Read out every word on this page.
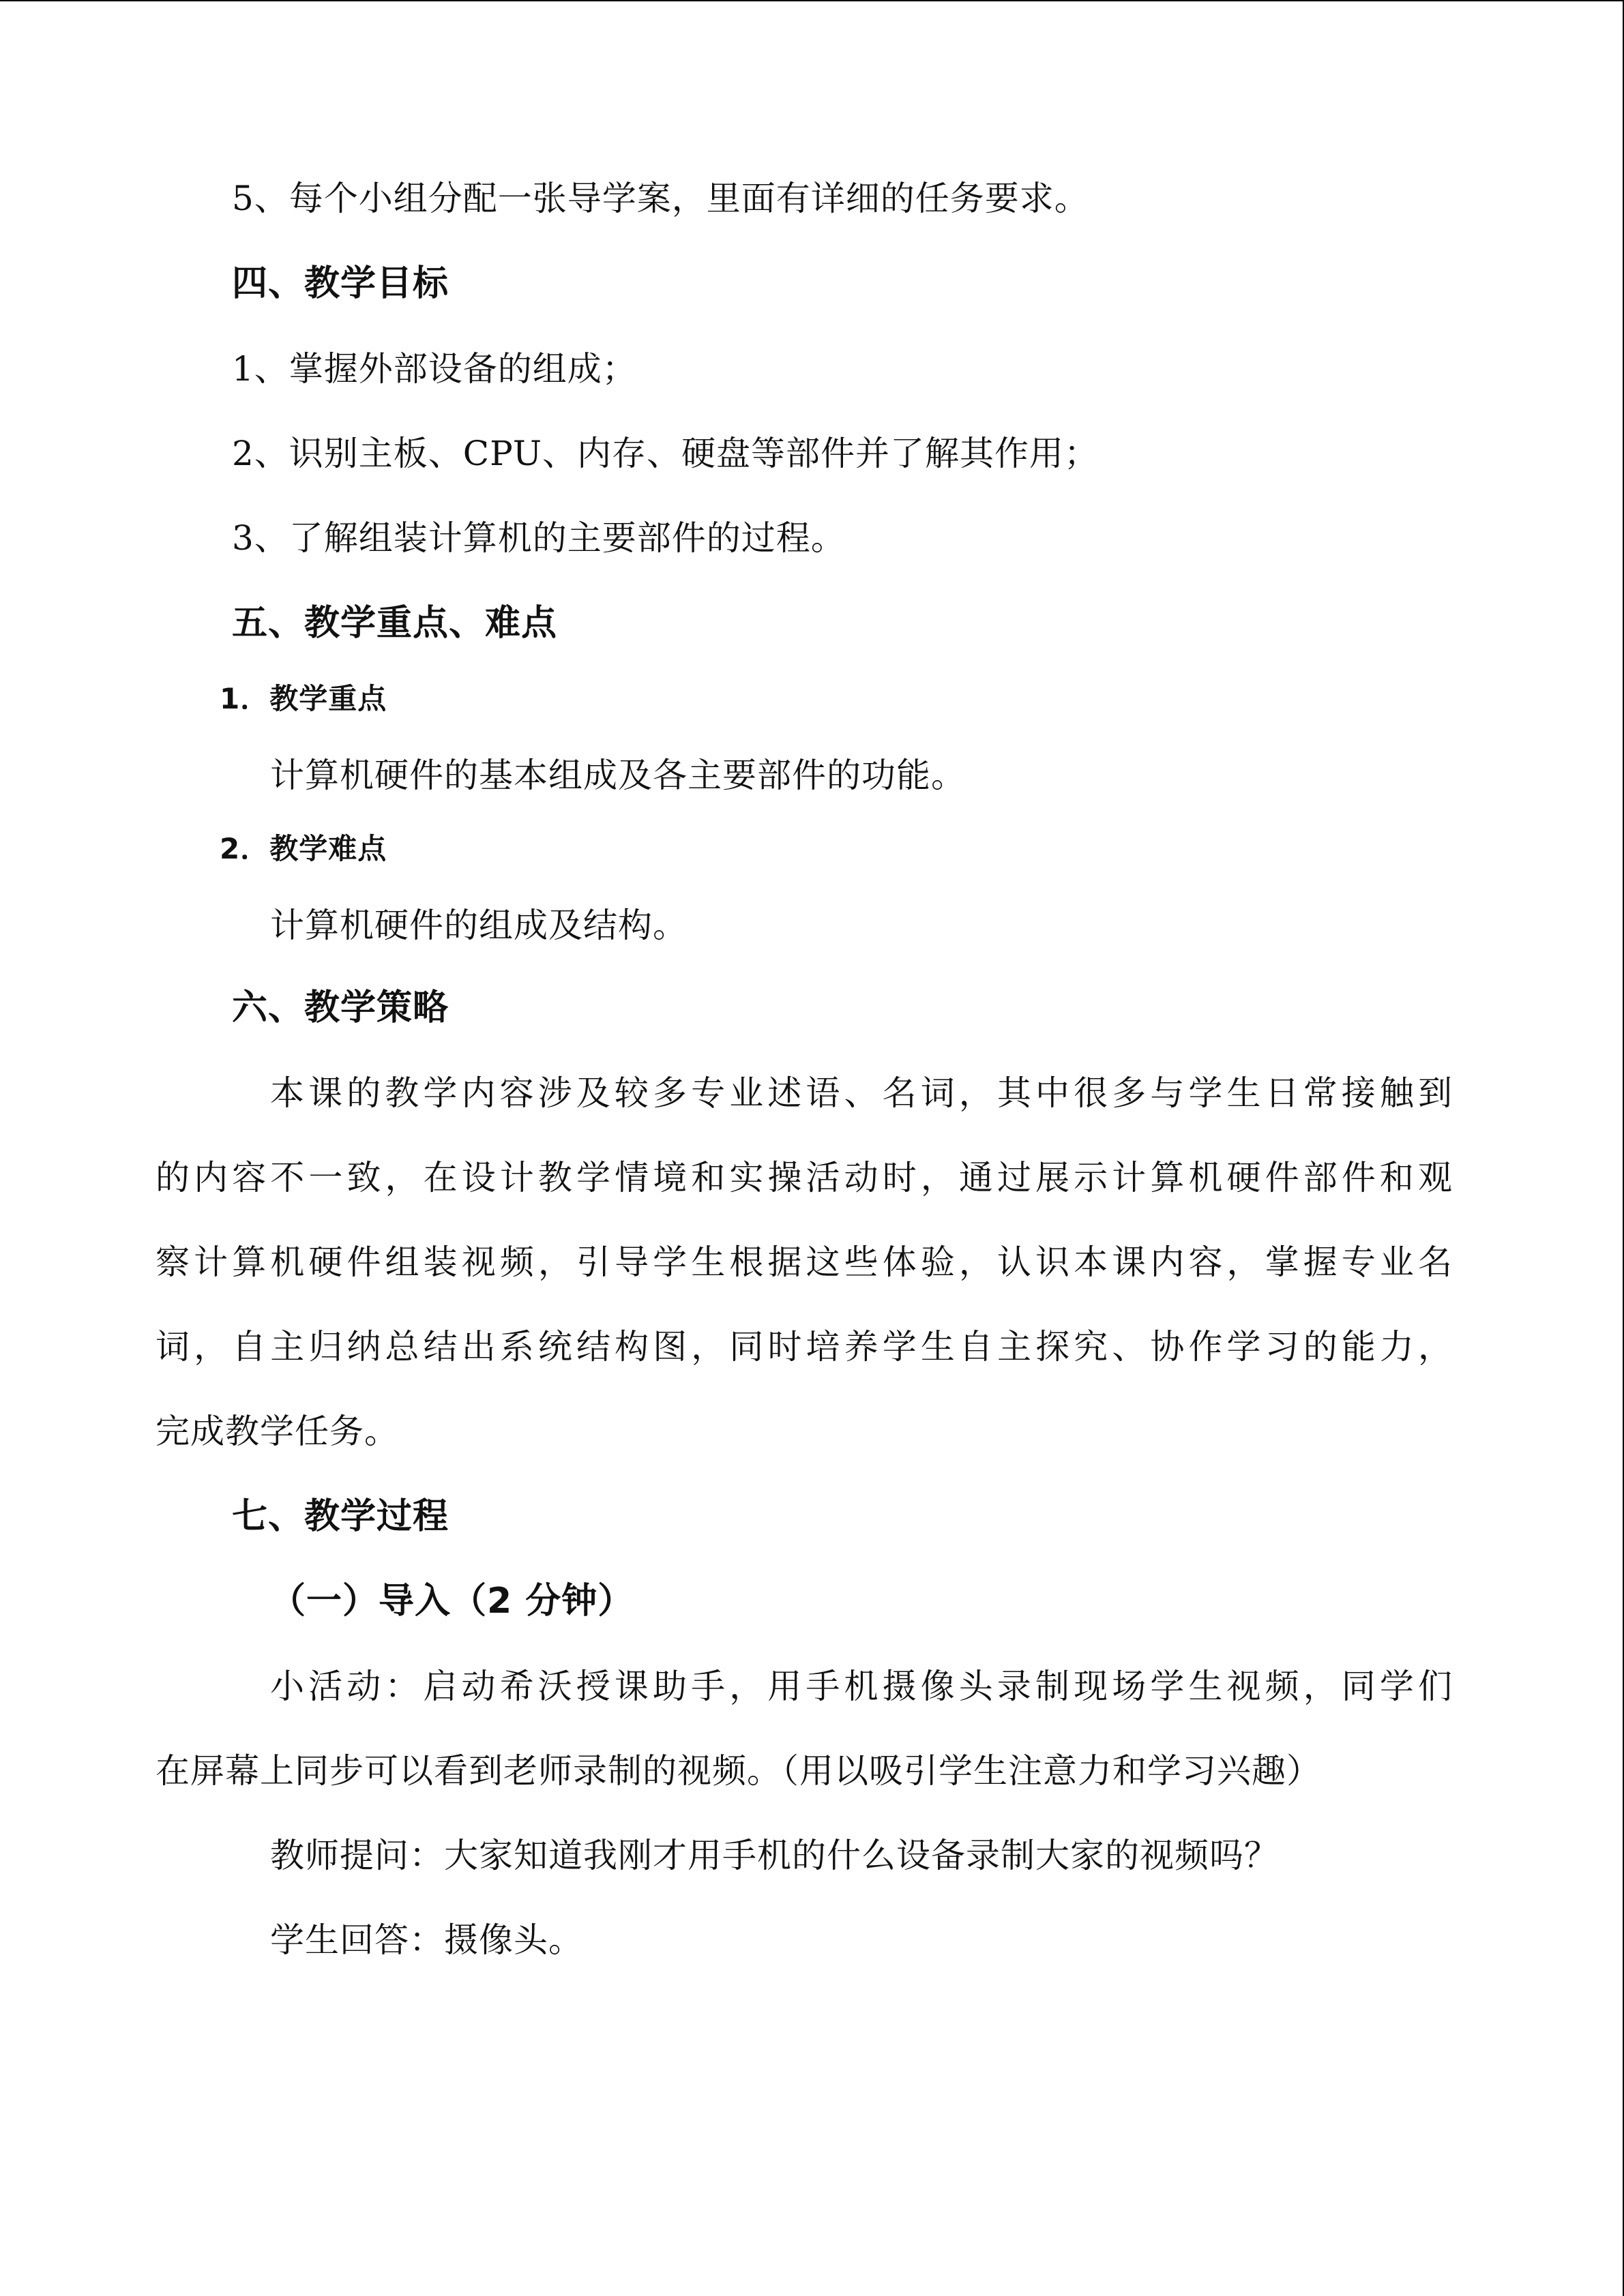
5、每个小组分配一张导学案，里面有详细的任务要求。
四、教学目标
1、掌握外部设备的组成；
2、识别主板、CPU、内存、硬盘等部件并了解其作用；
3、了解组装计算机的主要部件的过程。
五、教学重点、难点
1．教学重点
计算机硬件的基本组成及各主要部件的功能。
2．教学难点
计算机硬件的组成及结构。
六、教学策略
本课的教学内容涉及较多专业述语、名词，其中很多与学生日常接触到
的内容不一致，在设计教学情境和实操活动时，通过展示计算机硬件部件和观
察计算机硬件组装视频，引导学生根据这些体验，认识本课内容，掌握专业名
词，自主归纳总结出系统结构图，同时培养学生自主探究、协作学习的能力，
完成教学任务。
七、教学过程
（一）导入（2 分钟）
小活动：启动希沃授课助手，用手机摄像头录制现场学生视频，同学们
在屏幕上同步可以看到老师录制的视频。（用以吸引学生注意力和学习兴趣）
教师提问：大家知道我刚才用手机的什么设备录制大家的视频吗？
学生回答：摄像头。
